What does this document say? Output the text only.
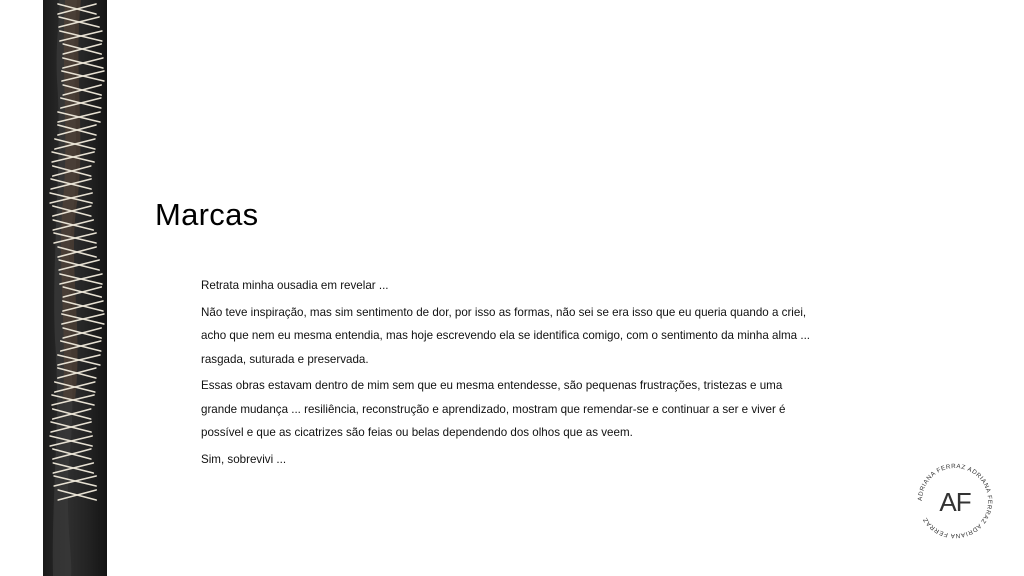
Marcas

Retrata minha ousadia em revelar ...

Não teve inspiração, mas sim sentimento de dor, por isso as formas, não sei se era isso que eu queria quando a criei, acho que nem eu mesma entendia, mas hoje escrevendo ela se identifica comigo, com o sentimento da minha alma ... rasgada, suturada e preservada.

Essas obras estavam dentro de mim sem que eu mesma entendesse, são pequenas frustrações, tristezas e uma grande mudança ... resiliência, reconstrução e aprendizado, mostram que remendar-se e continuar a ser e viver é possível e que as cicatrizes são feias ou belas dependendo dos olhos que as veem.

Sim, sobrevivi ...

ADRIANA FERRAZ ADRIANA FERRAZ ADRIANA FERRAZ
AF
